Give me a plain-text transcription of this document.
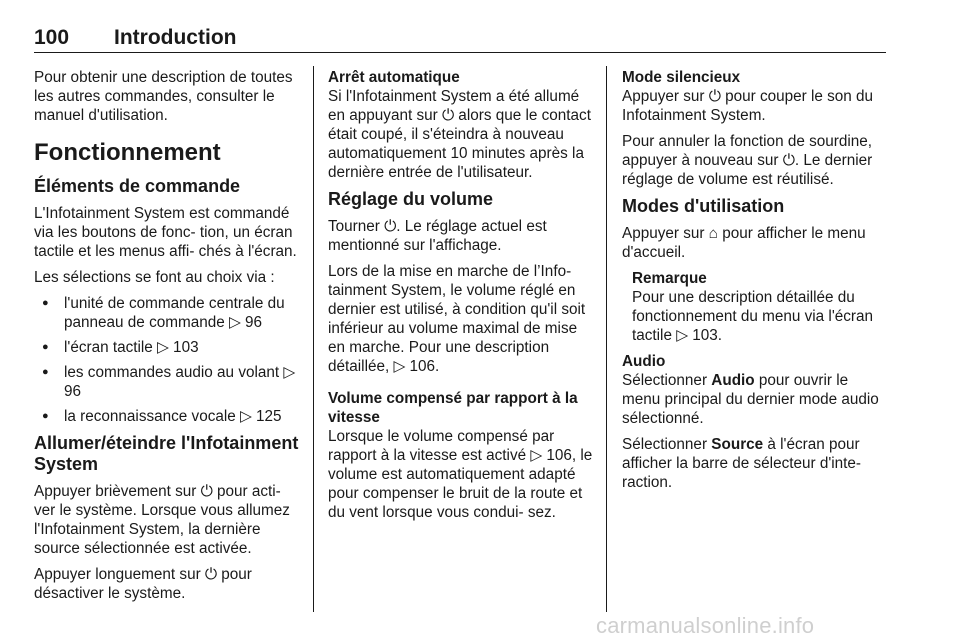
100 Introduction

Pour obtenir une description de toutes les autres commandes, consulter le manuel d'utilisation.

Fonctionnement
Éléments de commande

L'Infotainment System est commandé via les boutons de fonc- tion, un écran tactile et les menus affi- chés à l'écran.

Les sélections se font au choix via :

● l'unité de commande centrale du panneau de commande ▷ 96
● l'écran tactile ▷ 103
● les commandes audio au volant ▷ 96
● la reconnaissance vocale ▷ 125
Allumer/éteindre l'Infotainment System

Appuyer brièvement sur ⏻ pour acti- ver le système. Lorsque vous allumez l'Infotainment System, la dernière source sélectionnée est activée.

Appuyer longuement sur ⏻ pour désactiver le système.

Arrêt automatique

Si l'Infotainment System a été allumé en appuyant sur ⏻ alors que le contact était coupé, il s'éteindra à nouveau automatiquement 10 minutes après la dernière entrée de l'utilisateur.

Réglage du volume

Tourner ⏻. Le réglage actuel est mentionné sur l'affichage.

Lors de la mise en marche de l’Info- tainment System, le volume réglé en dernier est utilisé, à condition qu'il soit inférieur au volume maximal de mise en marche. Pour une description détaillée, ▷ 106.

Volume compensé par rapport à la vitesse

Lorsque le volume compensé par rapport à la vitesse est activé ▷ 106, le volume est automatiquement adapté pour compenser le bruit de la route et du vent lorsque vous condui- sez.

Mode silencieux

Appuyer sur ⏻ pour couper le son du Infotainment System.

Pour annuler la fonction de sourdine, appuyer à nouveau sur ⏻. Le dernier réglage de volume est réutilisé.

Modes d'utilisation

Appuyer sur ⌂ pour afficher le menu d'accueil.

Remarque
Pour une description détaillée du fonctionnement du menu via l'écran tactile ▷ 103.
Audio

Sélectionner Audio pour ouvrir le menu principal du dernier mode audio sélectionné.

Sélectionner Source à l'écran pour afficher la barre de sélecteur d'inte- raction.

carmanualsonline.info
